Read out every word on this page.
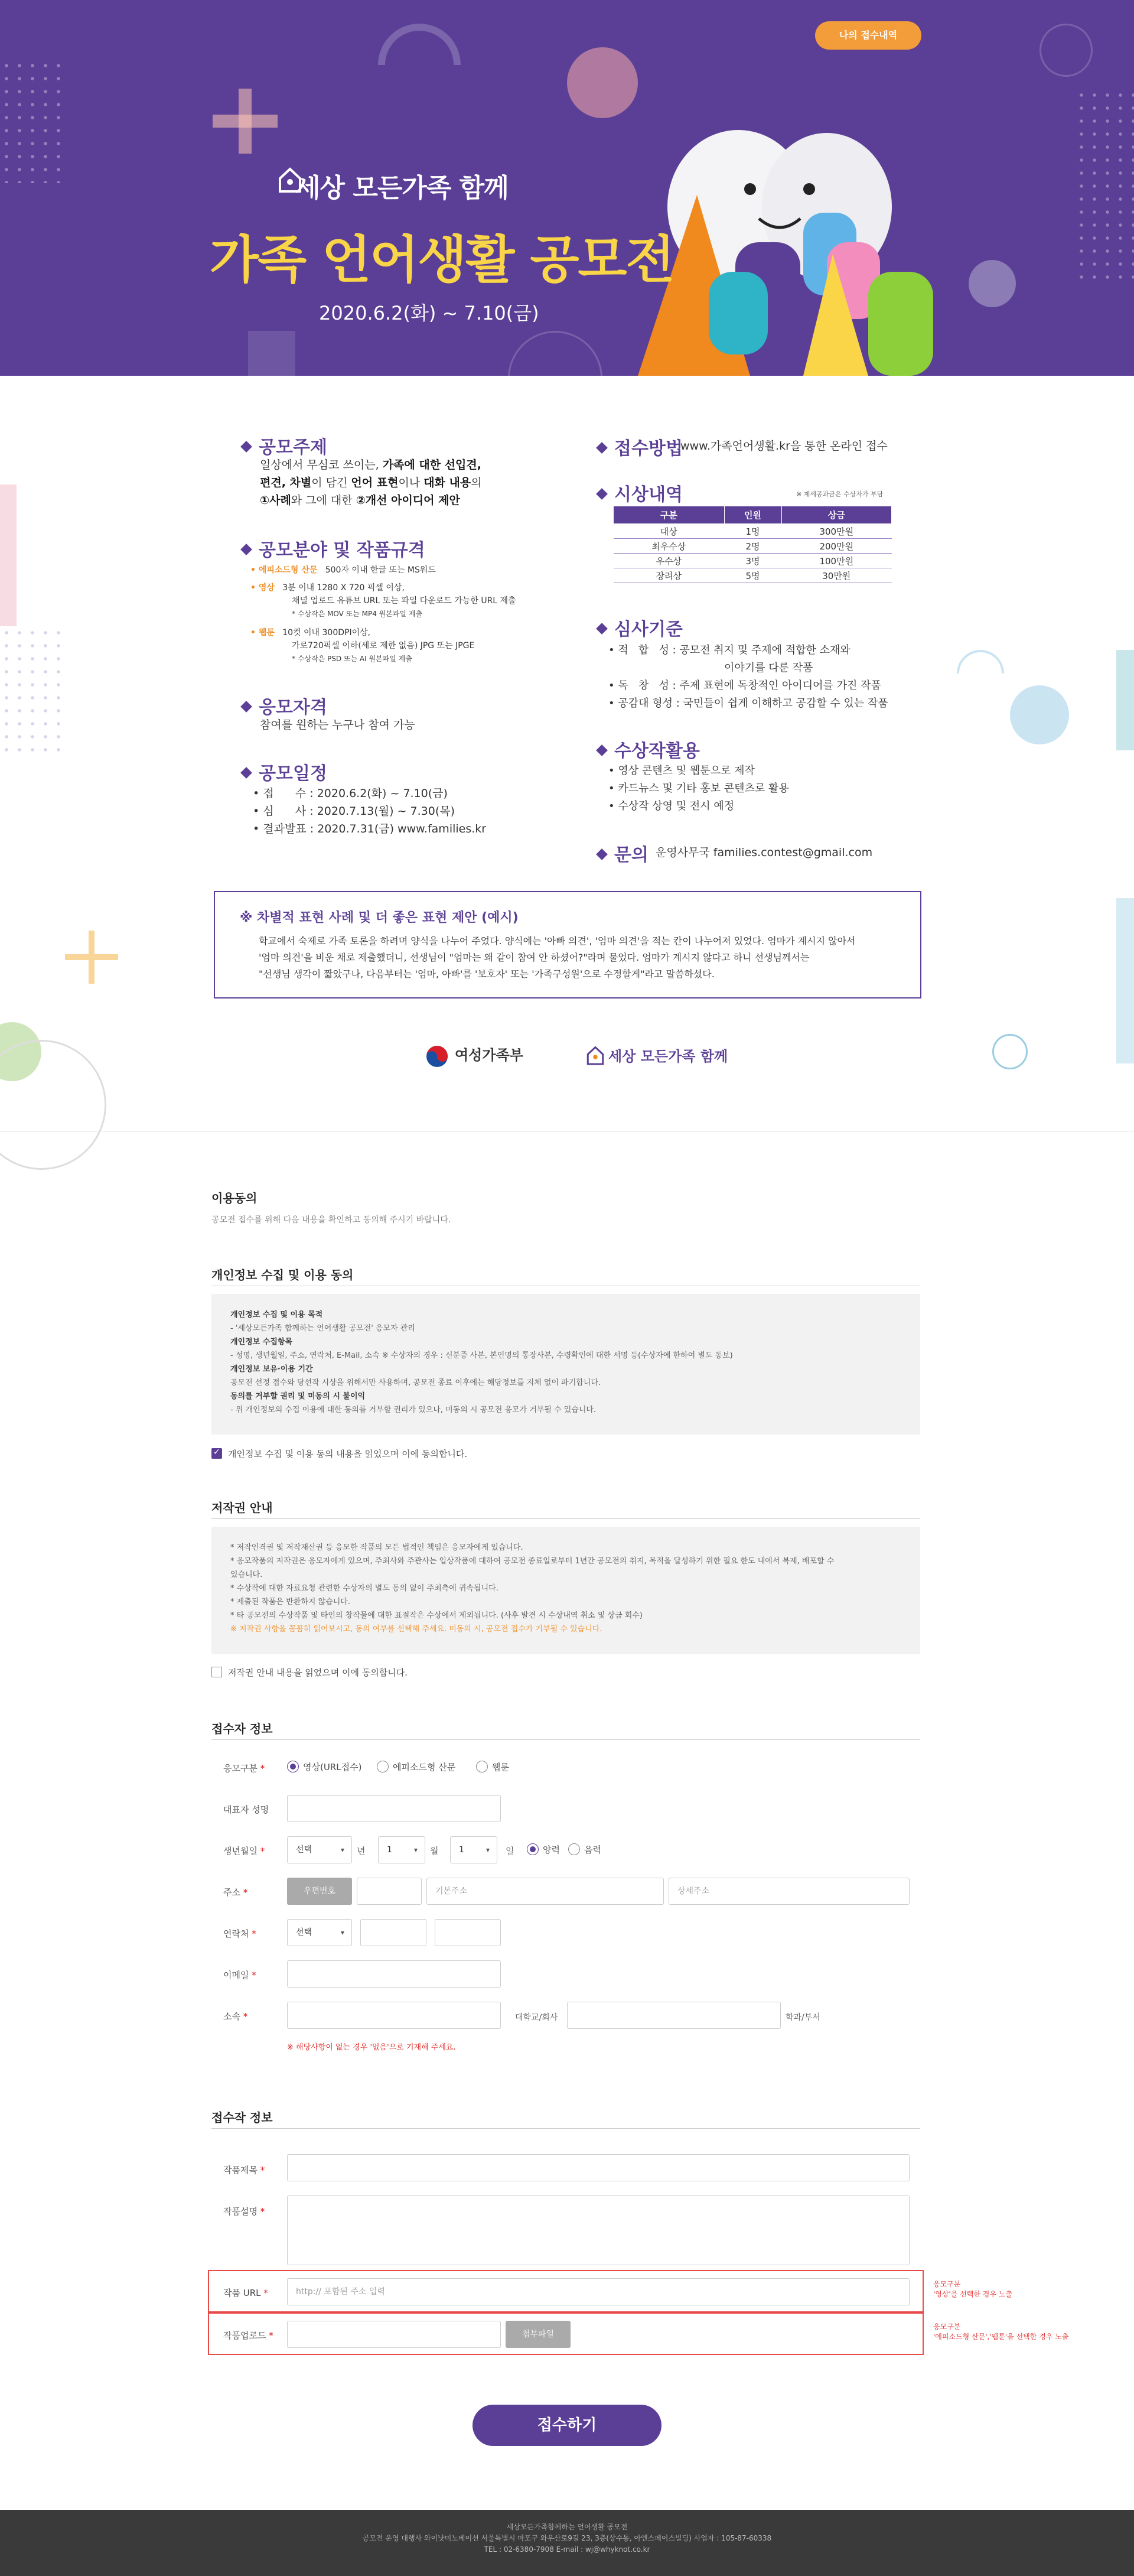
나의 접수내역
세상 모든가족 함께
가족 언어생활 공모전
2020.6.2(화) ~ 7.10(금)
공모주제
일상에서 무심코 쓰이는, 가족에 대한 선입견,
편견, 차별이 담긴 언어 표현이나 대화 내용의
①사례와 그에 대한 ②개선 아이디어 제안
공모분야 및 작품규격
• 에피소드형 산문 500자 이내 한글 또는 MS워드
• 영상 3분 이내 1280 X 720 픽셀 이상,
채널 업로드 유튜브 URL 또는 파일 다운로드 가능한 URL 제출
* 수상작은 MOV 또는 MP4 원본파일 제출
• 웹툰 10컷 이내 300DPI이상,
가로720픽셀 이하(세로 제한 없음) JPG 또는 JPGE
* 수상작은 PSD 또는 AI 원본파일 제출
응모자격
참여를 원하는 누구나 참여 가능
공모일정
• 접      수 : 2020.6.2(화) ~ 7.10(금)
• 심      사 : 2020.7.13(월) ~ 7.30(목)
• 결과발표 : 2020.7.31(금) www.families.kr
접수방법
www.가족언어생활.kr을 통한 온라인 접수
시상내역	※ 제세공과금은 수상자가 부담
구분	인원	상금
대상	1명	300만원
최우수상	2명	200만원
우수상	3명	100만원
장려상	5명	30만원
심사기준
• 적   합   성 : 공모전 취지 및 주제에 적합한 소재와
이야기를 다룬 작품
• 독   창   성 : 주제 표현에 독창적인 아이디어를 가진 작품
• 공감대 형성 : 국민들이 쉽게 이해하고 공감할 수 있는 작품
수상작활용
• 영상 콘텐츠 및 웹툰으로 제작
• 카드뉴스 및 기타 홍보 콘텐츠로 활용
• 수상작 상영 및 전시 예정
문의 운영사무국 families.contest@gmail.com
※ 차별적 표현 사례 및 더 좋은 표현 제안 (예시)
학교에서 숙제로 가족 토론을 하려며 양식을 나누어 주었다. 양식에는 '아빠 의견', '엄마 의견'을 적는 칸이 나누어져 있었다. 엄마가 계시지 않아서
'엄마 의견'을 비운 채로 제출했더니, 선생님이 "엄마는 왜 같이 참여 안 하셨어?"라며 물었다. 엄마가 계시지 않다고 하니 선생님께서는
"선생님 생각이 짧았구나, 다음부터는 '엄마, 아빠'를 '보호자' 또는 '가족구성원'으로 수정할게"라고 말씀하셨다.
여성가족부	세상 모든가족 함께
이용동의
공모전 접수를 위해 다음 내용을 확인하고 동의해 주시기 바랍니다.
개인정보 수집 및 이용 동의
개인정보 수집 및 이용 목적
- '세상모든가족 함께하는 언어생활 공모전' 응모자 관리
개인정보 수집항목
- 성명, 생년월일, 주소, 연락처, E-Mail, 소속 ※ 수상자의 경우 : 신분증 사본, 본인명의 통장사본, 수령확인에 대한 서명 등(수상자에 한하여 별도 동보)
개인정보 보유·이용 기간
공모전 선정 접수와 당선작 시상을 위해서만 사용하며, 공모전 종료 이후에는 해당정보를 지체 없이 파기합니다.
동의를 거부할 권리 및 미동의 시 불이익
- 위 개인정보의 수집 이용에 대한 동의를 거부할 권리가 있으나, 미동의 시 공모전 응모가 거부될 수 있습니다.
✓개인정보 수집 및 이용 동의 내용을 읽었으며 이에 동의합니다.
저작권 안내
* 저작인격권 및 저작재산권 등 응모한 작품의 모든 법적인 책임은 응모자에게 있습니다.
* 응모작품의 저작권은 응모자에게 있으며, 주최사와 주관사는 입상작품에 대하여 공모전 종료일로부터 1년간 공모전의 취지, 목적을 달성하기 위한 필요 한도 내에서 복제, 배포할 수
있습니다.
* 수상작에 대한 자료요청 관련한 수상자의 별도 동의 없이 주최측에 귀속됩니다.
* 제출된 작품은 반환하지 않습니다.
* 타 공모전의 수상작품 및 타인의 창작물에 대한 표절작은 수상에서 제외됩니다. (사후 발견 시 수상내역 취소 및 상금 회수)
※ 저작권 사항을 꼼꼼히 읽어보시고, 동의 여부를 선택해 주세요. 미동의 시, 공모전 접수가 거부될 수 있습니다.
저작권 안내 내용을 읽었으며 이에 동의합니다.
접수자 정보
응모구분 *	영상(URL접수)	에피소드형 산문	웹툰
대표자 성명
생년월일 *	선택 ▾	년	1 ▾	월	1 ▾	일	양력	음력
주소 *	우편번호	기본주소	상세주소
연락처 *	선택 ▾
이메일 *
소속 *	대학교/회사	학과/부서
※ 해당사항이 없는 경우 '없음'으로 기재해 주세요.
접수작 정보
작품제목 *
작품설명 *
작품 URL *	http:// 포함된 주소 입력
응모구분
'영상'을 선택한 경우 노출
작품업로드 *	첨부파일
응모구분
'에피소드형 산문','웹툰'을 선택한 경우 노출
접수하기
세상모든가족함께하는 언어생활 공모전
공모전 운영 대행사 와이낫미노베이션 서울특별시 마포구 와우산로9길 23, 3층(상수동, 아엔스페이스빌딩) 사업자 : 105-87-60338
TEL : 02-6380-7908 E-mail : wj@whyknot.co.kr
